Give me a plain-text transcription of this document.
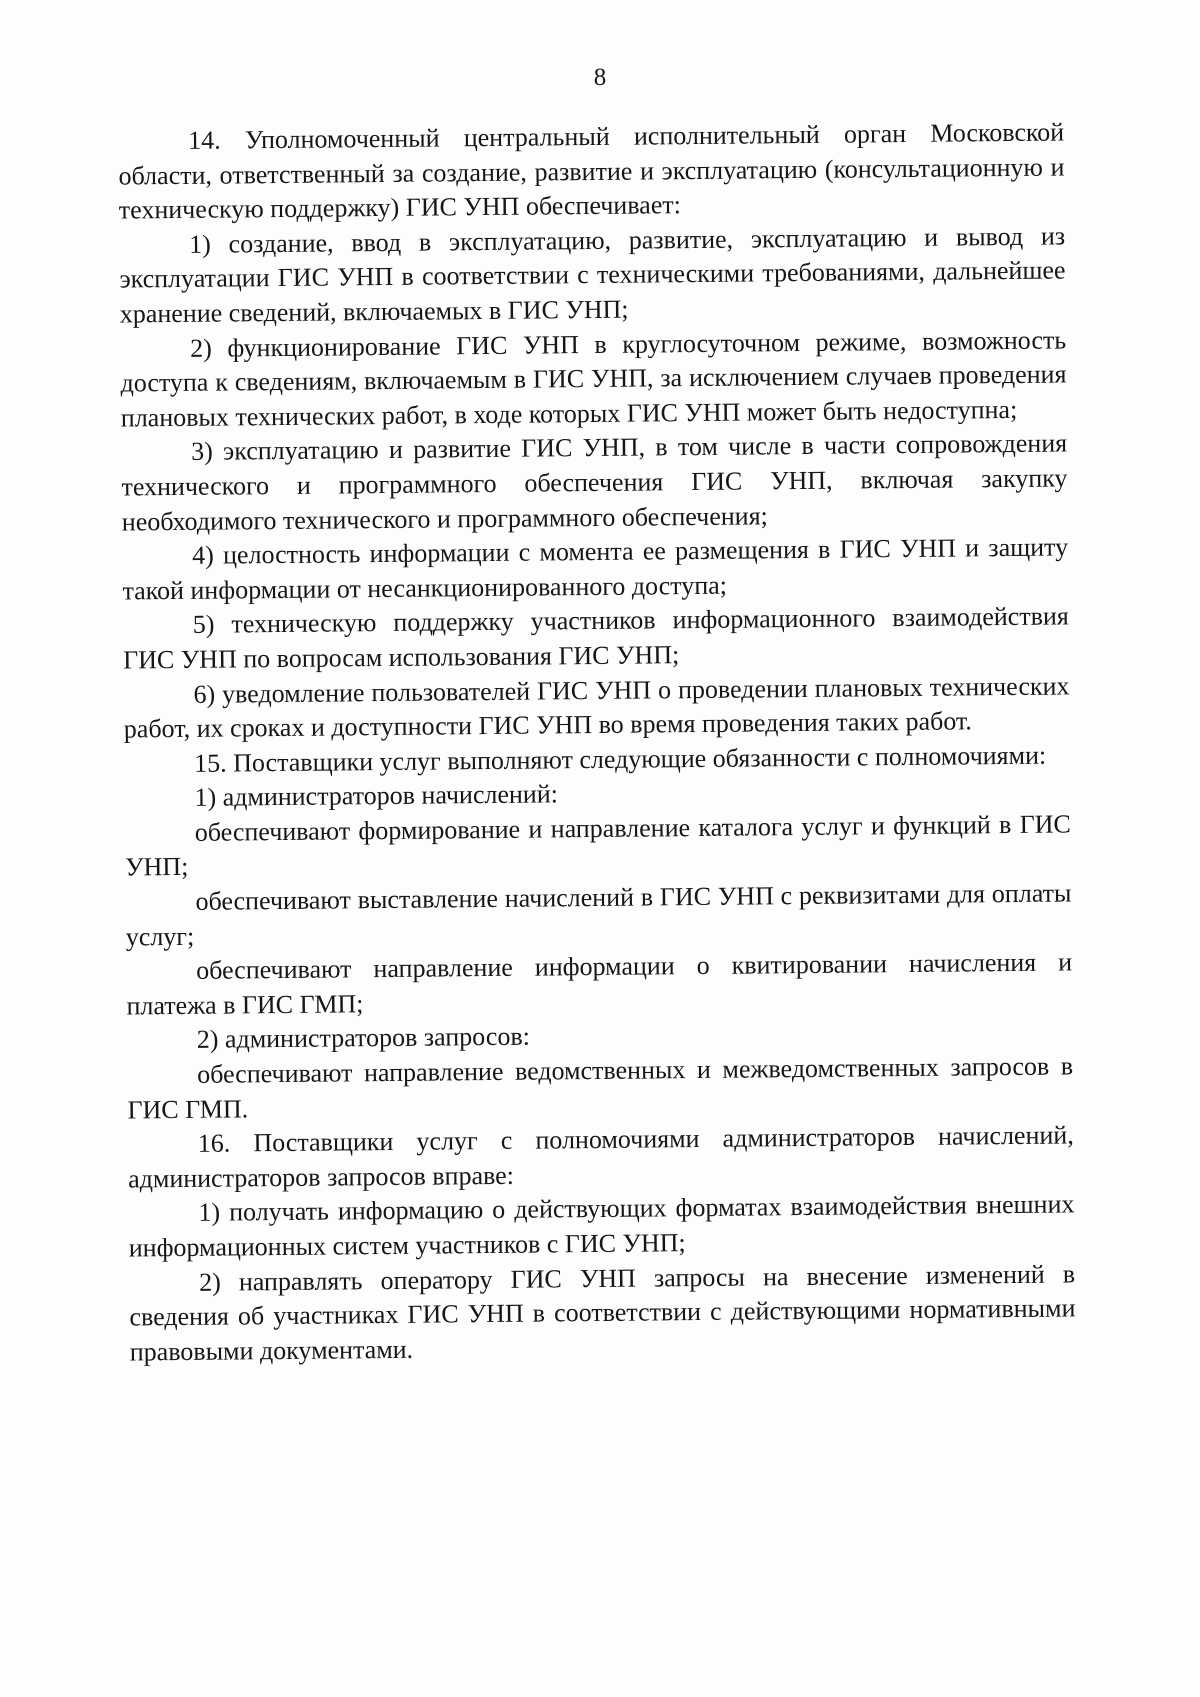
8

14. Уполномоченный центральный исполнительный орган Московской области, ответственный за создание, развитие и эксплуатацию (консультационную и техническую поддержку) ГИС УНП обеспечивает:

1) создание, ввод в эксплуатацию, развитие, эксплуатацию и вывод из эксплуатации ГИС УНП в соответствии с техническими требованиями, дальнейшее хранение сведений, включаемых в ГИС УНП;

2) функционирование ГИС УНП в круглосуточном режиме, возможность доступа к сведениям, включаемым в ГИС УНП, за исключением случаев проведения плановых технических работ, в ходе которых ГИС УНП может быть недоступна;

3) эксплуатацию и развитие ГИС УНП, в том числе в части сопровождения технического и программного обеспечения ГИС УНП, включая закупку необходимого технического и программного обеспечения;

4) целостность информации с момента ее размещения в ГИС УНП и защиту такой информации от несанкционированного доступа;

5) техническую поддержку участников информационного взаимодействия ГИС УНП по вопросам использования ГИС УНП;

6) уведомление пользователей ГИС УНП о проведении плановых технических работ, их сроках и доступности ГИС УНП во время проведения таких работ.

15. Поставщики услуг выполняют следующие обязанности с полномочиями:

1) администраторов начислений:

обеспечивают формирование и направление каталога услуг и функций в ГИС УНП;

обеспечивают выставление начислений в ГИС УНП с реквизитами для оплаты услуг;

обеспечивают направление информации о квитировании начисления и платежа в ГИС ГМП;

2) администраторов запросов:

обеспечивают направление ведомственных и межведомственных запросов в ГИС ГМП.

16. Поставщики услуг с полномочиями администраторов начислений, администраторов запросов вправе:

1) получать информацию о действующих форматах взаимодействия внешних информационных систем участников с ГИС УНП;

2) направлять оператору ГИС УНП запросы на внесение изменений в сведения об участниках ГИС УНП в соответствии с действующими нормативными правовыми документами.
